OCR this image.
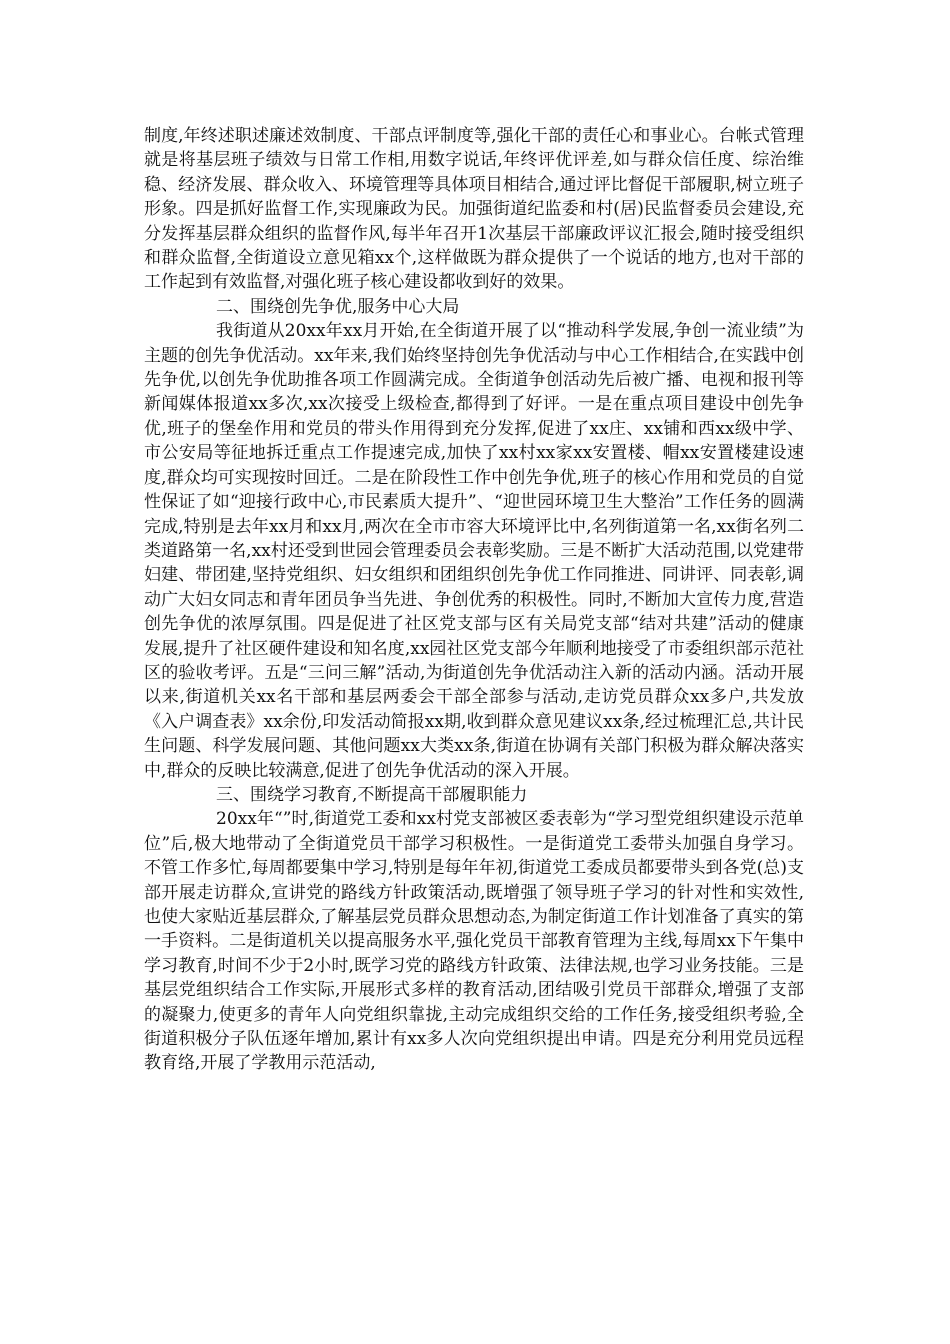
制度,年终述职述廉述效制度、干部点评制度等,强化干部的责任心和事业心。台帐式管理就是将基层班子绩效与日常工作相,用数字说话,年终评优评差,如与群众信任度、综治维稳、经济发展、群众收入、环境管理等具体项目相结合,通过评比督促干部履职,树立班子形象。四是抓好监督工作,实现廉政为民。加强街道纪监委和村(居)民监督委员会建设,充分发挥基层群众组织的监督作风,每半年召开1次基层干部廉政评议汇报会,随时接受组织和群众监督,全街道设立意见箱xx个,这样做既为群众提供了一个说话的地方,也对干部的工作起到有效监督,对强化班子核心建设都收到好的效果。

二、围绕创先争优,服务中心大局

我街道从20xx年xx月开始,在全街道开展了以“推动科学发展,争创一流业绩”为主题的创先争优活动。xx年来,我们始终坚持创先争优活动与中心工作相结合,在实践中创先争优,以创先争优助推各项工作圆满完成。全街道争创活动先后被广播、电视和报刊等新闻媒体报道xx多次,xx次接受上级检查,都得到了好评。一是在重点项目建设中创先争优,班子的堡垒作用和党员的带头作用得到充分发挥,促进了xx庄、xx铺和西xx级中学、市公安局等征地拆迁重点工作提速完成,加快了xx村xx家xx安置楼、帽xx安置楼建设速度,群众均可实现按时回迁。二是在阶段性工作中创先争优,班子的核心作用和党员的自觉性保证了如“迎接行政中心,市民素质大提升”、“迎世园环境卫生大整治”工作任务的圆满完成,特别是去年xx月和xx月,两次在全市市容大环境评比中,名列街道第一名,xx街名列二类道路第一名,xx村还受到世园会管理委员会表彰奖励。三是不断扩大活动范围,以党建带妇建、带团建,坚持党组织、妇女组织和团组织创先争优工作同推进、同讲评、同表彰,调动广大妇女同志和青年团员争当先进、争创优秀的积极性。同时,不断加大宣传力度,营造创先争优的浓厚氛围。四是促进了社区党支部与区有关局党支部“结对共建”活动的健康发展,提升了社区硬件建设和知名度,xx园社区党支部今年顺利地接受了市委组织部示范社区的验收考评。五是“三问三解”活动,为街道创先争优活动注入新的活动内涵。活动开展以来,街道机关xx名干部和基层两委会干部全部参与活动,走访党员群众xx多户,共发放《入户调查表》xx余份,印发活动简报xx期,收到群众意见建议xx条,经过梳理汇总,共计民生问题、科学发展问题、其他问题xx大类xx条,街道在协调有关部门积极为群众解决落实中,群众的反映比较满意,促进了创先争优活动的深入开展。

三、围绕学习教育,不断提高干部履职能力

20xx年“”时,街道党工委和xx村党支部被区委表彰为“学习型党组织建设示范单位”后,极大地带动了全街道党员干部学习积极性。一是街道党工委带头加强自身学习。不管工作多忙,每周都要集中学习,特别是每年年初,街道党工委成员都要带头到各党(总)支部开展走访群众,宣讲党的路线方针政策活动,既增强了领导班子学习的针对性和实效性,也使大家贴近基层群众,了解基层党员群众思想动态,为制定街道工作计划准备了真实的第一手资料。二是街道机关以提高服务水平,强化党员干部教育管理为主线,每周xx下午集中学习教育,时间不少于2小时,既学习党的路线方针政策、法律法规,也学习业务技能。三是基层党组织结合工作实际,开展形式多样的教育活动,团结吸引党员干部群众,增强了支部的凝聚力,使更多的青年人向党组织靠拢,主动完成组织交给的工作任务,接受组织考验,全街道积极分子队伍逐年增加,累计有xx多人次向党组织提出申请。四是充分利用党员远程教育络,开展了学教用示范活动,
